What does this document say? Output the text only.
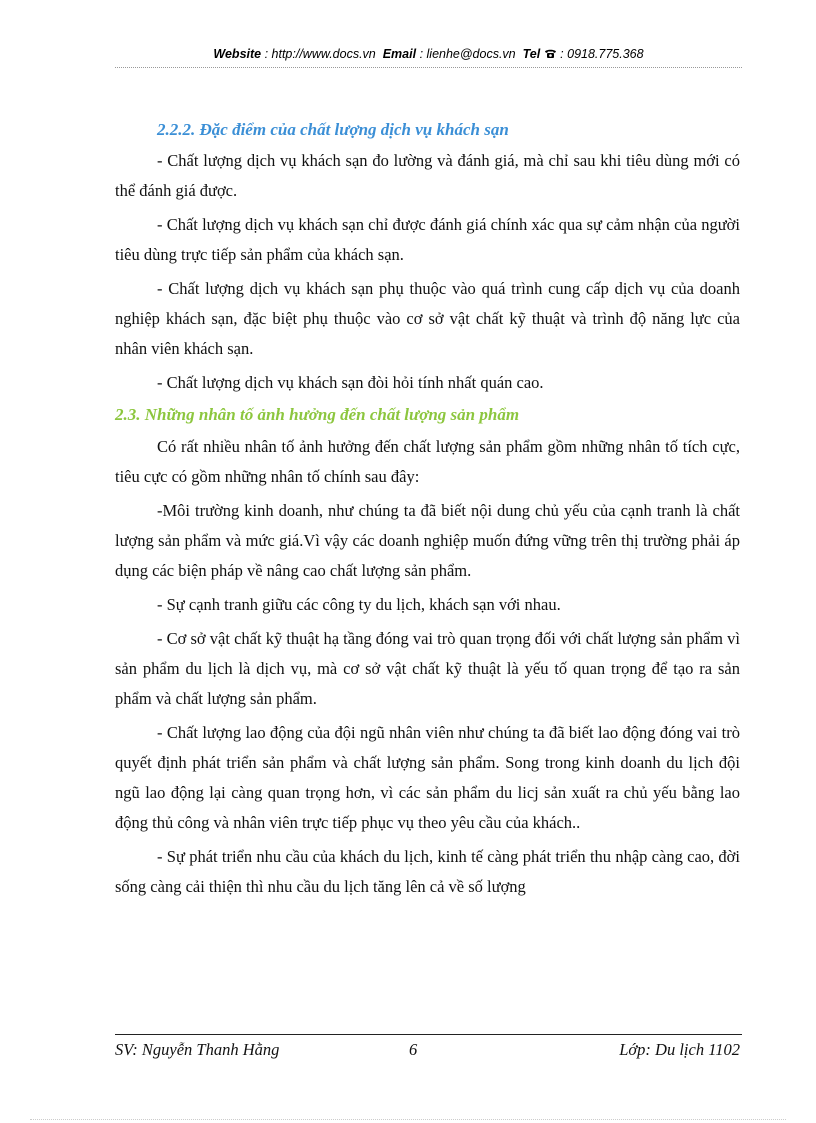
Website : http://www.docs.vn Email : lienhe@docs.vn Tel : 0918.775.368
2.2.2. Đặc điểm của chất lượng dịch vụ khách sạn

- Chất lượng dịch vụ khách sạn đo lường và đánh giá, mà chỉ sau khi tiêu dùng mới có thể đánh giá được.

- Chất lượng dịch vụ khách sạn chỉ được đánh giá chính xác qua sự cảm nhận của người tiêu dùng trực tiếp sản phẩm của khách sạn.

- Chất lượng dịch vụ khách sạn phụ thuộc vào quá trình cung cấp dịch vụ của doanh nghiệp khách sạn, đặc biệt phụ thuộc vào cơ sở vật chất kỹ thuật và trình độ năng lực của nhân viên khách sạn.

- Chất lượng dịch vụ khách sạn đòi hỏi tính nhất quán cao.

2.3. Những nhân tố ảnh hưởng đến chất lượng sản phẩm

Có rất nhiều nhân tố ảnh hưởng đến chất lượng sản phẩm gồm những nhân tố tích cực, tiêu cực có gồm những nhân tố chính sau đây:

-Môi trường kinh doanh, như chúng ta đã biết nội dung chủ yếu của cạnh tranh là chất lượng sản phẩm và mức giá.Vì vậy các doanh nghiệp muốn đứng vững trên thị trường phải áp dụng các biện pháp về nâng cao chất lượng sản phẩm.

- Sự cạnh tranh giữu các công ty du lịch, khách sạn với nhau.

- Cơ sở vật chất kỹ thuật hạ tầng đóng vai trò quan trọng đối với chất lượng sản phẩm vì sản phẩm du lịch là dịch vụ, mà cơ sở vật chất kỹ thuật là yếu tố quan trọng để tạo ra sản phẩm và chất lượng sản phẩm.

- Chất lượng lao động của đội ngũ nhân viên như chúng ta đã biết lao động đóng vai trò quyết định phát triển sản phẩm và chất lượng sản phẩm. Song trong kinh doanh du lịch đội ngũ lao động lại càng quan trọng hơn, vì các sản phẩm du licj sản xuất ra chủ yếu bằng lao động thủ công và nhân viên trực tiếp phục vụ theo yêu cầu của khách..

- Sự phát triển nhu cầu của khách du lịch, kinh tế càng phát triển thu nhập càng cao, đời sống càng cải thiện thì nhu cầu du lịch tăng lên cả về số lượng

SV: Nguyễn Thanh Hằng	6	Lớp: Du lịch 1102
